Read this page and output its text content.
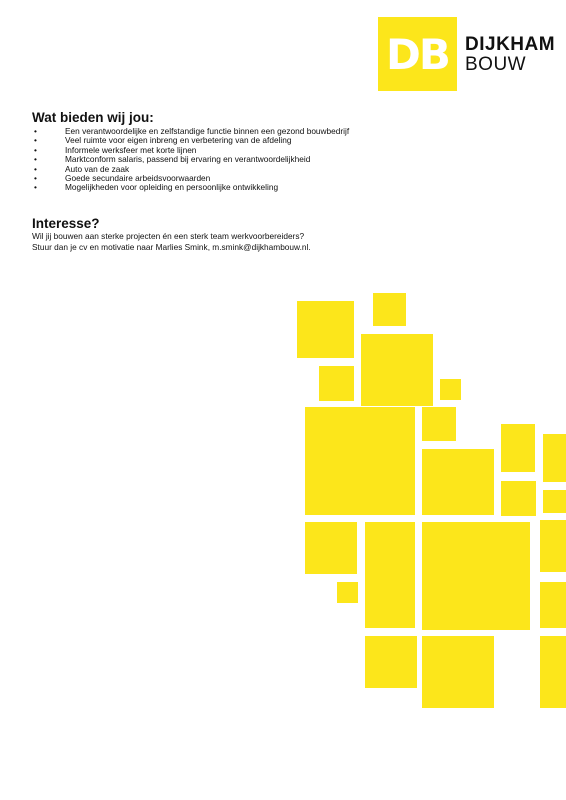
DB DIJKHAM
BOUW
Wat bieden wij jou:
• Een verantwoordelijke en zelfstandige functie binnen een gezond bouwbedrijf
• Veel ruimte voor eigen inbreng en verbetering van de afdeling
• Informele werksfeer met korte lijnen
• Marktconform salaris, passend bij ervaring en verantwoordelijkheid
• Auto van de zaak
• Goede secundaire arbeidsvoorwaarden
• Mogelijkheden voor opleiding en persoonlijke ontwikkeling
Interesse?

Wil jij bouwen aan sterke projecten én een sterk team werkvoorbereiders?

Stuur dan je cv en motivatie naar Marlies Smink, m.smink@dijkhambouw.nl.
